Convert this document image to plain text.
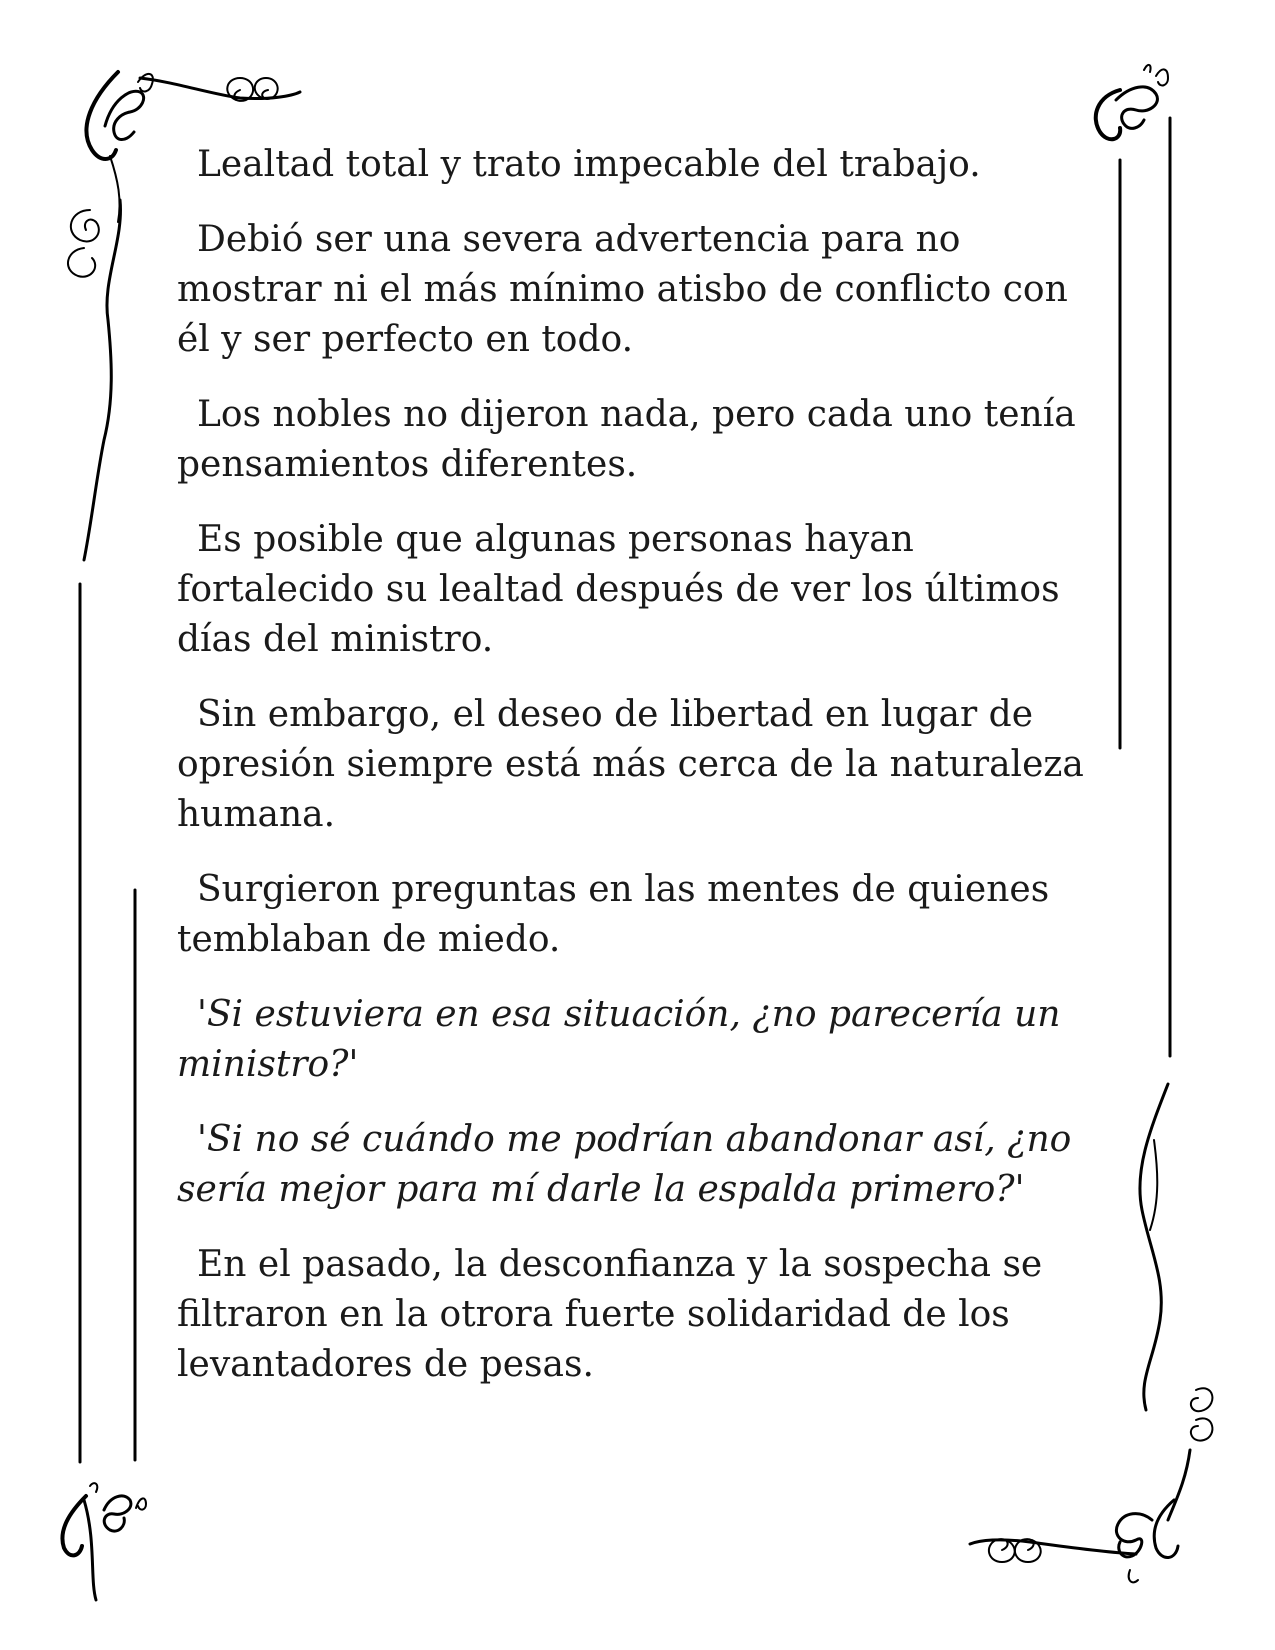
Lealtad total y trato impecable del trabajo.

Debió ser una severa advertencia para no mostrar ni el más mínimo atisbo de conflicto con él y ser perfecto en todo.

Los nobles no dijeron nada, pero cada uno tenía pensamientos diferentes.

Es posible que algunas personas hayan fortalecido su lealtad después de ver los últimos días del ministro.

Sin embargo, el deseo de libertad en lugar de opresión siempre está más cerca de la naturaleza humana.

Surgieron preguntas en las mentes de quienes temblaban de miedo.

'Si estuviera en esa situación, ¿no parecería un ministro?'

'Si no sé cuándo me podrían abandonar así, ¿no sería mejor para mí darle la espalda primero?'

En el pasado, la desconfianza y la sospecha se filtraron en la otrora fuerte solidaridad de los levantadores de pesas.
